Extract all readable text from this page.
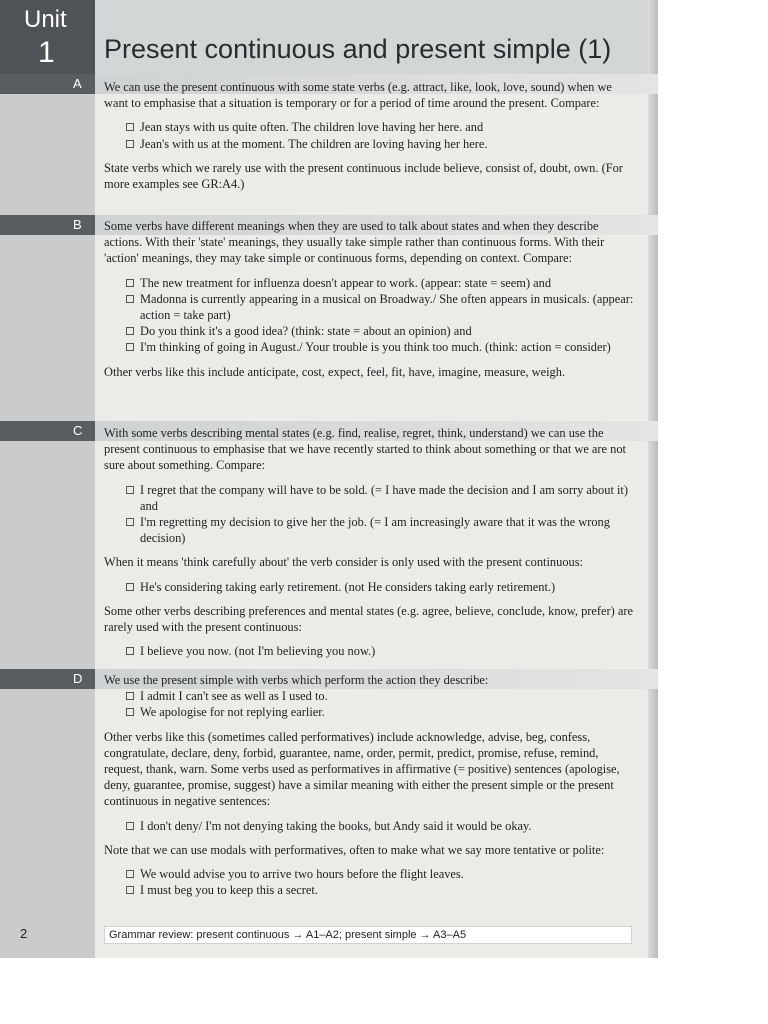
Unit
1 Present continuous and present simple (1)
A We can use the present continuous with some state verbs (e.g. attract, like, look, love, sound) when we want to emphasise that a situation is temporary or for a period of time around the present. Compare:

Jean stays with us quite often. The children love having her here. and
Jean's with us at the moment. The children are loving having her here.

State verbs which we rarely use with the present continuous include believe, consist of, doubt, own. (For more examples see GR:A4.)

B Some verbs have different meanings when they are used to talk about states and when they describe actions. With their 'state' meanings, they usually take simple rather than continuous forms. With their 'action' meanings, they may take simple or continuous forms, depending on context. Compare:

The new treatment for influenza doesn't appear to work. (appear: state = seem) and
Madonna is currently appearing in a musical on Broadway./ She often appears in musicals. (appear: action = take part)
Do you think it's a good idea? (think: state = about an opinion) and
I'm thinking of going in August./ Your trouble is you think too much. (think: action = consider)

Other verbs like this include anticipate, cost, expect, feel, fit, have, imagine, measure, weigh.

C With some verbs describing mental states (e.g. find, realise, regret, think, understand) we can use the present continuous to emphasise that we have recently started to think about something or that we are not sure about something. Compare:

I regret that the company will have to be sold. (= I have made the decision and I am sorry about it) and
I'm regretting my decision to give her the job. (= I am increasingly aware that it was the wrong decision)

When it means 'think carefully about' the verb consider is only used with the present continuous:

He's considering taking early retirement. (not He considers taking early retirement.)

Some other verbs describing preferences and mental states (e.g. agree, believe, conclude, know, prefer) are rarely used with the present continuous:

I believe you now. (not I'm believing you now.)
D We use the present simple with verbs which perform the action they describe:

I admit I can't see as well as I used to.
We apologise for not replying earlier.

Other verbs like this (sometimes called performatives) include acknowledge, advise, beg, confess, congratulate, declare, deny, forbid, guarantee, name, order, permit, predict, promise, refuse, remind, request, thank, warn. Some verbs used as performatives in affirmative (= positive) sentences (apologise, deny, guarantee, promise, suggest) have a similar meaning with either the present simple or the present continuous in negative sentences:

I don't deny/ I'm not denying taking the books, but Andy said it would be okay.

Note that we can use modals with performatives, often to make what we say more tentative or polite:

We would advise you to arrive two hours before the flight leaves.
I must beg you to keep this a secret.
2	Grammar review: present continuous → A1–A2; present simple → A3–A5
